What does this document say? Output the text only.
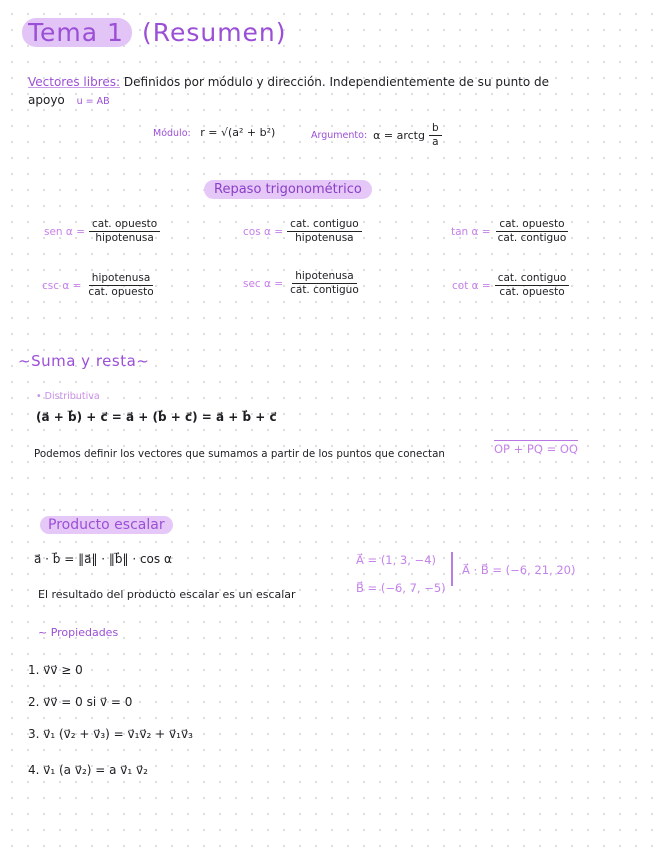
Tema 1 (Resumen)
Vectores libres: Definidos por módulo y dirección. Independientemente de su punto de
apoyo u = AB
Módulo: r = √(a² + b²)	Argumento: α = arctg $\frac{b}{a}$
Repaso trigonométrico
sen $\alpha = \frac{\text{cat. opuesto}}{\text{hipotenusa}}$	$\cos \alpha = \frac{\text{cat. contiguo}}{\text{hipotenusa}}$	$\tan \alpha = \frac{\text{cat. opuesto}}{\text{cat. contiguo}}$
$\csc \alpha = \frac{\text{hipotenusa}}{\text{cat. opuesto}}$	$\sec \alpha = \frac{\text{hipotenusa}}{\text{cat. contiguo}}$	$\cot \alpha = \frac{\text{cat. contiguo}}{\text{cat. opuesto}}$
~Suma y resta~
• Distributiva
(a⃗ + b⃗) + c⃗ = a⃗ + (b⃗ + c⃗) = a⃗ + b⃗ + c⃗
Podemos definir los vectores que sumamos a partir de los puntos que conectan	OP + PQ = OQ
Producto escalar
a⃗ · b⃗ = ‖a⃗‖ · ‖b⃗‖ · cos α	A⃗ = (1, 3, −4)
B⃗ = (−6, 7, −5)
A⃗ · B⃗ = (−6, 21, 20)
El resultado del producto escalar es un escalar
~ Propiedades
1. v⃗v⃗ ≥ 0
2. v⃗v⃗ = 0 si v⃗ = 0
3. v⃗₁ (v⃗₂ + v⃗₃) = v⃗₁v⃗₂ + v⃗₁v⃗₃
4. v⃗₁ (a v⃗₂) = a v⃗₁ v⃗₂
